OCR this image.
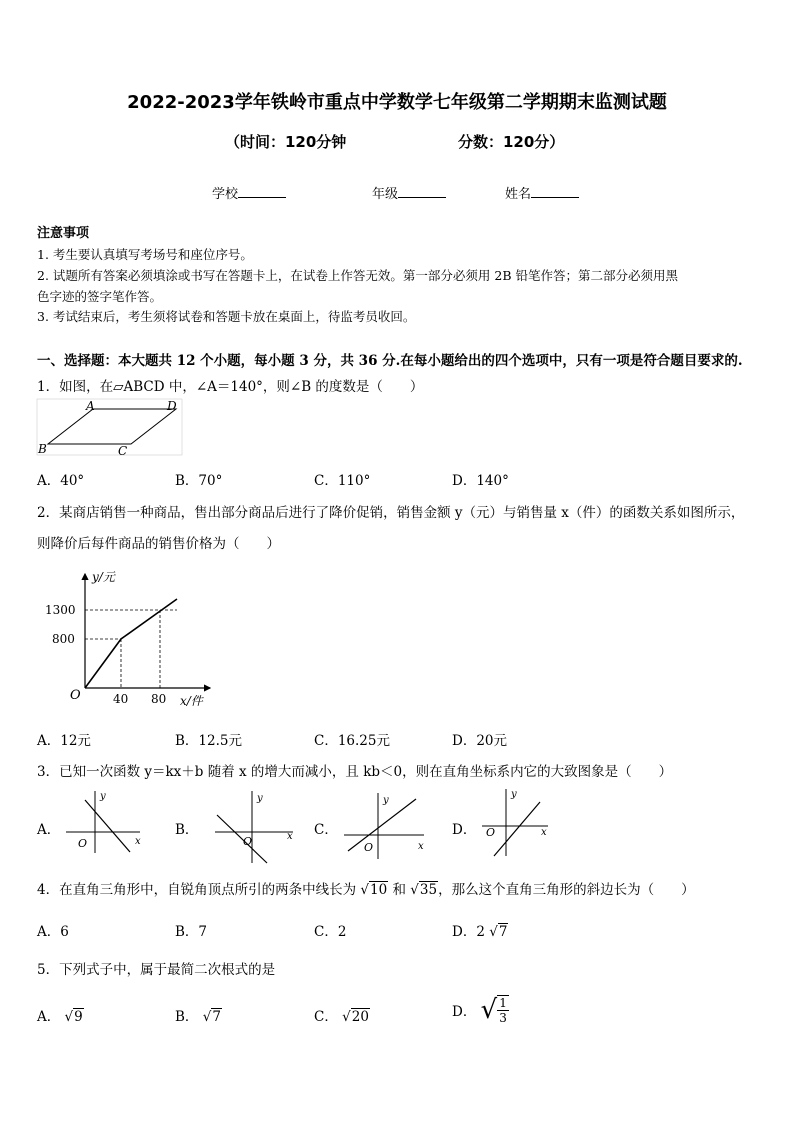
2022-2023学年铁岭市重点中学数学七年级第二学期期末监测试题
（时间：120分钟	分数：120分）
学校	年级	姓名
注意事项
1. 考生要认真填写考场号和座位序号。
2. 试题所有答案必须填涂或书写在答题卡上，在试卷上作答无效。第一部分必须用 2B 铅笔作答；第二部分必须用黑
色字迹的签字笔作答。
3. 考试结束后，考生须将试卷和答题卡放在桌面上，待监考员收回。
一、选择题：本大题共 12 个小题，每小题 3 分，共 36 分.在每小题给出的四个选项中，只有一项是符合题目要求的.
1．如图，在▱ABCD 中，∠A＝140°，则∠B 的度数是（　　）
A	D
B	C
A．40°	B．70°	C．110°	D．140°
2．某商店销售一种商品，售出部分商品后进行了降价促销，销售金额 y（元）与销售量 x（件）的函数关系如图所示，
则降价后每件商品的销售价格为（　　）
y/元
x/件
O
1300
800
40 80
A．12元	B．12.5元	C．16.25元	D．20元
3．已知一次函数 y＝kx＋b 随着 x 的增大而减小，且 kb＜0，则在直角坐标系内它的大致图象是（　　）
A．
y
x
O
B．
y
x
O
C．
y
x
O
D．
y
x
O
4．在直角三角形中，自锐角顶点所引的两条中线长为 √10 和 √35，那么这个直角三角形的斜边长为（　　）
A．6	B．7	C．2	D．2 √7
5．下列式子中，属于最简二次根式的是
A． √9	B． √7	C． √20	D． √ $\frac{1}{3}$
